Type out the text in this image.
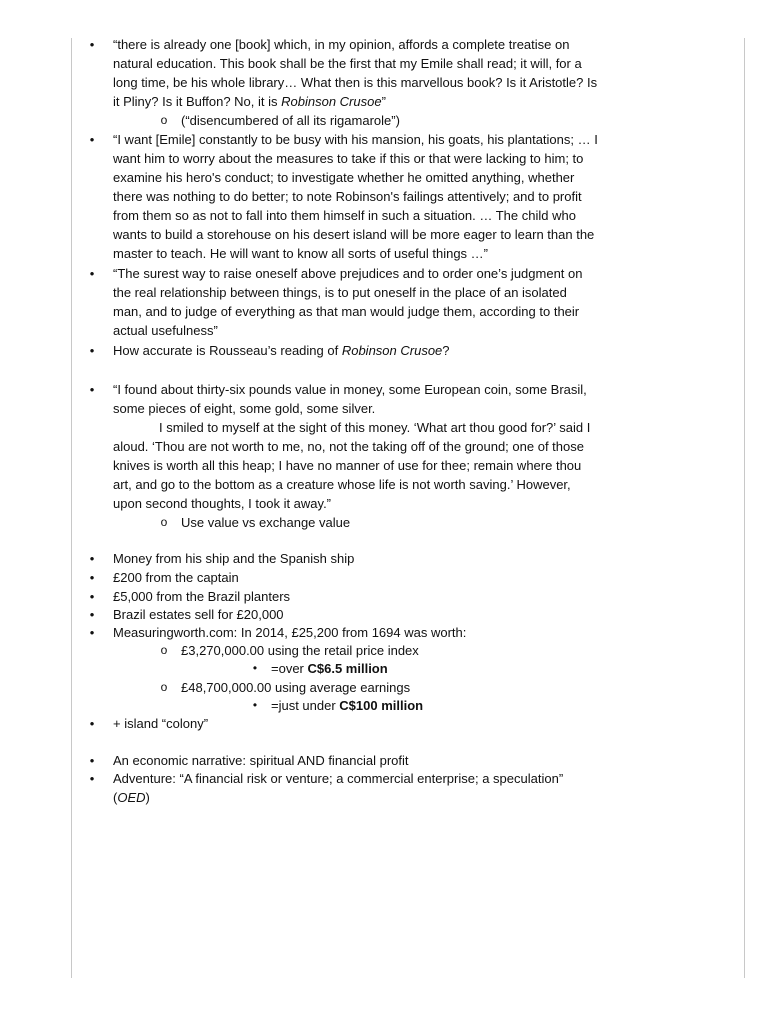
• “there is already one [book] which, in my opinion, affords a complete treatise on
natural education. This book shall be the first that my Emile shall read; it will, for a
long time, be his whole library… What then is this marvellous book? Is it Aristotle? Is
it Pliny? Is it Buffon? No, it is Robinson Crusoe”
o (“disencumbered of all its rigamarole”)
• “I want [Emile] constantly to be busy with his mansion, his goats, his plantations; … I
want him to worry about the measures to take if this or that were lacking to him; to
examine his hero's conduct; to investigate whether he omitted anything, whether
there was nothing to do better; to note Robinson's failings attentively; and to profit
from them so as not to fall into them himself in such a situation. … The child who
wants to build a storehouse on his desert island will be more eager to learn than the
master to teach. He will want to know all sorts of useful things …”
• “The surest way to raise oneself above prejudices and to order one’s judgment on
the real relationship between things, is to put oneself in the place of an isolated
man, and to judge of everything as that man would judge them, according to their
actual usefulness”
• How accurate is Rousseau’s reading of Robinson Crusoe?
• “I found about thirty-six pounds value in money, some European coin, some Brasil,
some pieces of eight, some gold, some silver.
I smiled to myself at the sight of this money. ‘What art thou good for?’ said I
aloud. ‘Thou are not worth to me, no, not the taking off of the ground; one of those
knives is worth all this heap; I have no manner of use for thee; remain where thou
art, and go to the bottom as a creature whose life is not worth saving.’ However,
upon second thoughts, I took it away.”
o Use value vs exchange value
• Money from his ship and the Spanish ship
• £200 from the captain
• £5,000 from the Brazil planters
• Brazil estates sell for £20,000
• Measuringworth.com: In 2014, £25,200 from 1694 was worth:
o £3,270,000.00 using the retail price index
• =over C$6.5 million
o £48,700,000.00 using average earnings
• =just under C$100 million
• + island “colony”
• An economic narrative: spiritual AND financial profit
• Adventure: “A financial risk or venture; a commercial enterprise; a speculation”
(OED)
